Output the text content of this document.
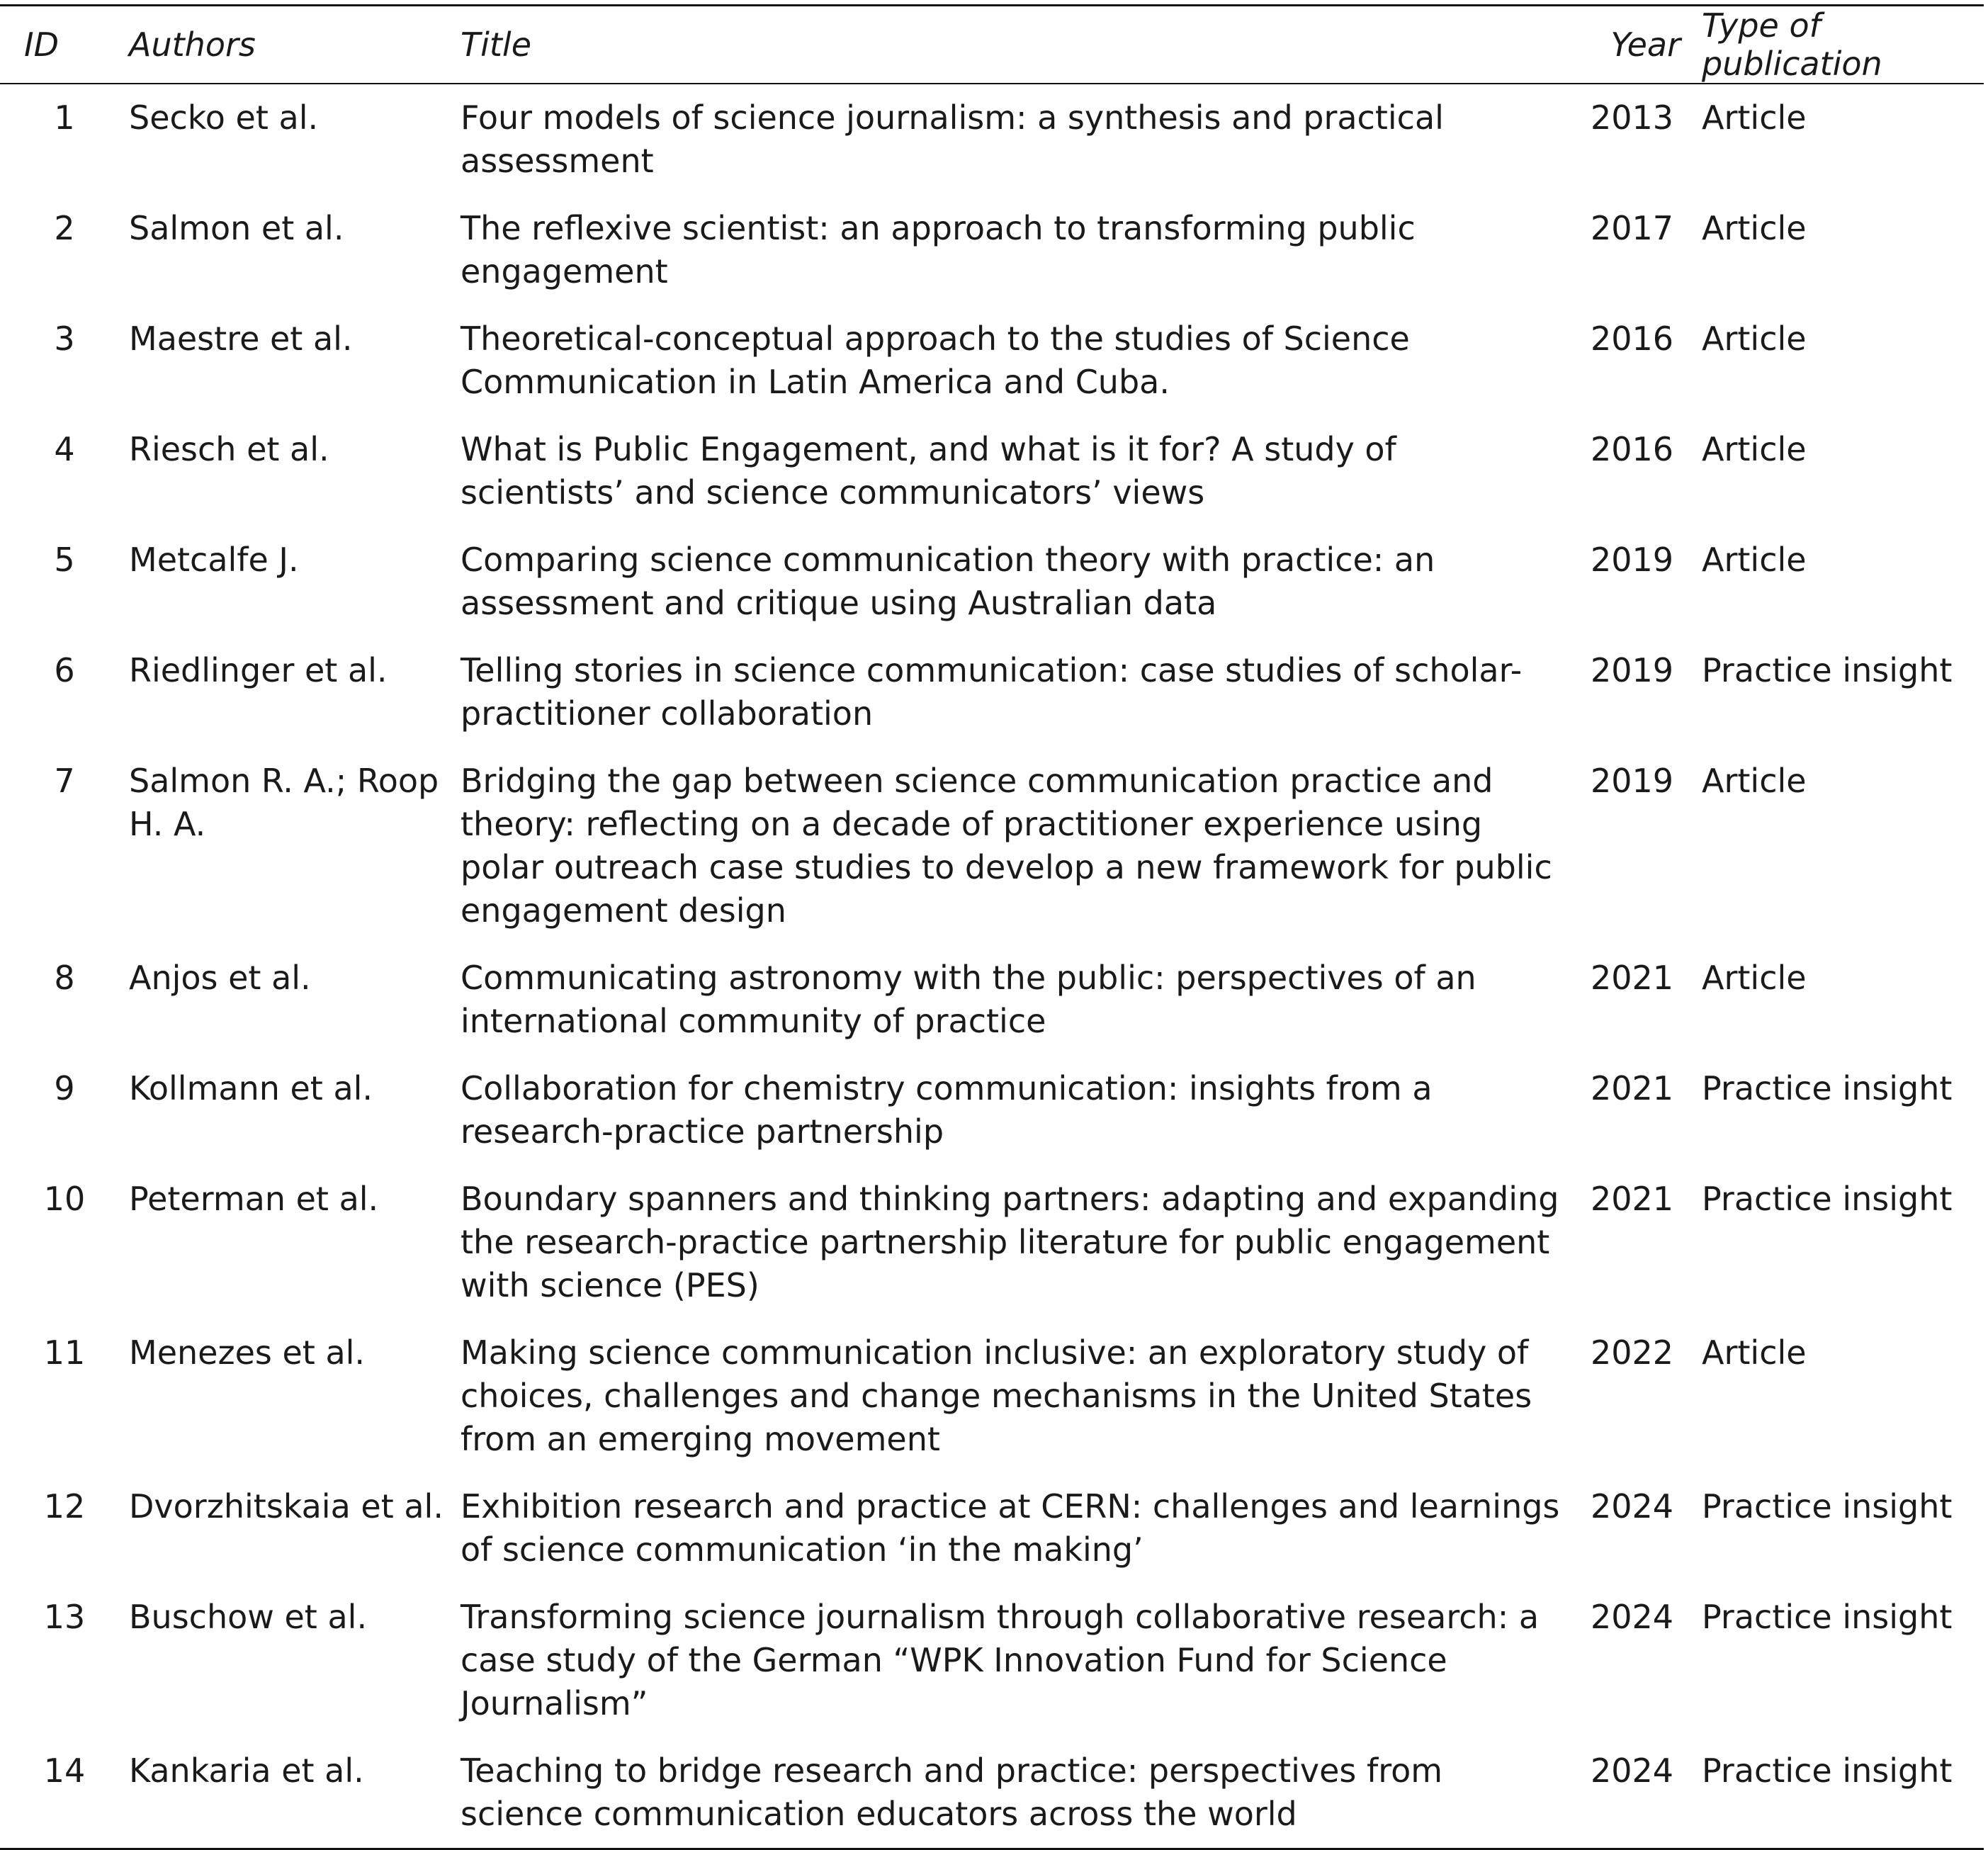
ID	Authors	Title	Year	Type of publication
1	Secko et al.	Four models of science journalism: a synthesis and practical assessment	2013	Article
2	Salmon et al.	The reflexive scientist: an approach to transforming public engagement	2017	Article
3	Maestre et al.	Theoretical-conceptual approach to the studies of Science Communication in Latin America and Cuba.	2016	Article
4	Riesch et al.	What is Public Engagement, and what is it for? A study of scientists’ and science communicators’ views	2016	Article
5	Metcalfe J.	Comparing science communication theory with practice: an assessment and critique using Australian data	2019	Article
6	Riedlinger et al.	Telling stories in science communication: case studies of scholar-practitioner collaboration	2019	Practice insight
7	Salmon R. A.; Roop H. A.	Bridging the gap between science communication practice and theory: reflecting on a decade of practitioner experience using polar outreach case studies to develop a new framework for public engagement design	2019	Article
8	Anjos et al.	Communicating astronomy with the public: perspectives of an international community of practice	2021	Article
9	Kollmann et al.	Collaboration for chemistry communication: insights from a research-practice partnership	2021	Practice insight
10	Peterman et al.	Boundary spanners and thinking partners: adapting and expanding the research-practice partnership literature for public engagement with science (PES)	2021	Practice insight
11	Menezes et al.	Making science communication inclusive: an exploratory study of choices, challenges and change mechanisms in the United States from an emerging movement	2022	Article
12	Dvorzhitskaia et al.	Exhibition research and practice at CERN: challenges and learnings of science communication ‘in the making’	2024	Practice insight
13	Buschow et al.	Transforming science journalism through collaborative research: a case study of the German “WPK Innovation Fund for Science Journalism”	2024	Practice insight
14	Kankaria et al.	Teaching to bridge research and practice: perspectives from science communication educators across the world	2024	Practice insight
